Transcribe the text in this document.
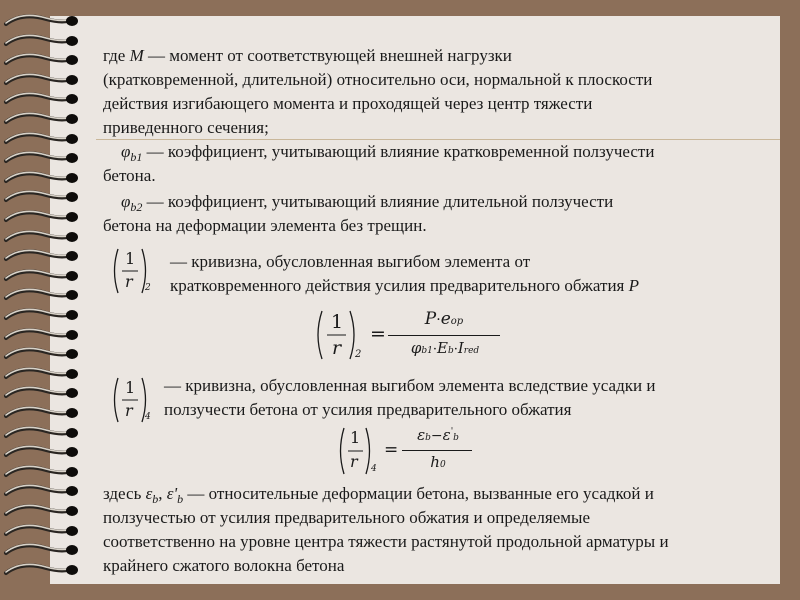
где M — момент от соответствующей внешней нагрузки
(кратковременной, длительной) относительно оси, нормальной к плоскости
действия изгибающего момента и проходящей через центр тяжести
приведенного сечения;
$\varphi_{b1}$ — коэффициент, учитывающий влияние кратковременной ползучести
бетона.
$\varphi_{b2}$ — коэффициент, учитывающий влияние длительной ползучести
бетона на деформации элемента без трещин.
1
r 2
— кривизна, обусловленная выгибом элемента от
кратковременного действия усилия предварительного обжатия P
1
r 2
=
P·eop
φb1·Eb·Ired
1
r 4
— кривизна, обусловленная выгибом элемента вследствие усадки и
ползучести бетона от усилия предварительного обжатия
1
r 4
=
εb−ε'b
h0
здесь $\varepsilon_b$, $\varepsilon'_b$ — относительные деформации бетона, вызванные его усадкой и
ползучестью от усилия предварительного обжатия и определяемые
соответственно на уровне центра тяжести растянутой продольной арматуры и
крайнего сжатого волокна бетона
